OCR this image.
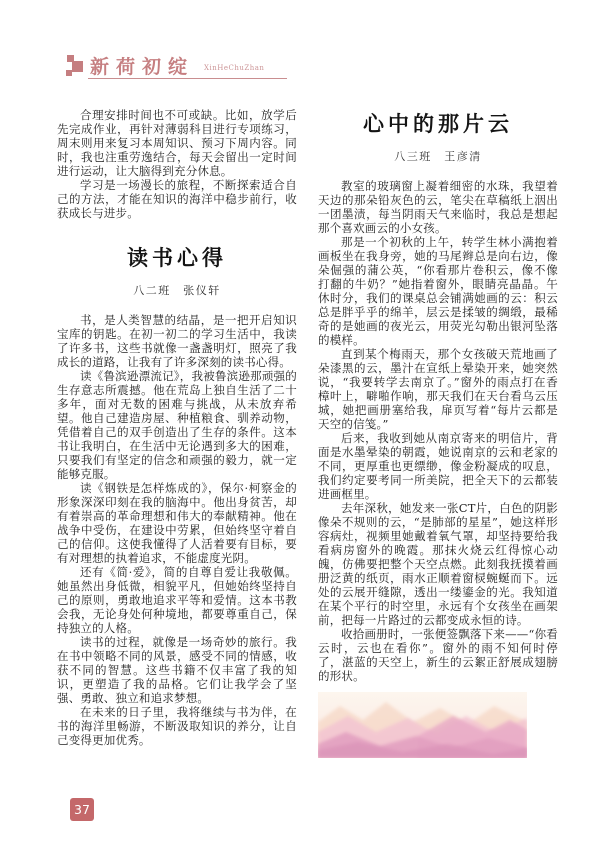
新荷初绽 XinHeChuZhan

合理安排时间也不可或缺。比如，放学后先完成作业，再针对薄弱科目进行专项练习，周末则用来复习本周知识、预习下周内容。同时，我也注重劳逸结合，每天会留出一定时间进行运动，让大脑得到充分休息。

学习是一场漫长的旅程，不断探索适合自己的方法，才能在知识的海洋中稳步前行，收获成长与进步。

读书心得
八二班　张仪轩

书，是人类智慧的结晶，是一把开启知识宝库的钥匙。在初一初二的学习生活中，我读了许多书，这些书就像一盏盏明灯，照亮了我成长的道路，让我有了许多深刻的读书心得。

读《鲁滨逊漂流记》，我被鲁滨逊那顽强的生存意志所震撼。他在荒岛上独自生活了二十多年，面对无数的困难与挑战，从未放弃希望。他自己建造房屋、种植粮食、驯养动物，凭借着自己的双手创造出了生存的条件。这本书让我明白，在生活中无论遇到多大的困难，只要我们有坚定的信念和顽强的毅力，就一定能够克服。

读《钢铁是怎样炼成的》，保尔·柯察金的形象深深印刻在我的脑海中。他出身贫苦，却有着崇高的革命理想和伟大的奉献精神。他在战争中受伤，在建设中劳累，但始终坚守着自己的信仰。这使我懂得了人活着要有目标，要有对理想的执着追求，不能虚度光阴。

还有《简·爱》，简的自尊自爱让我敬佩。她虽然出身低微，相貌平凡，但她始终坚持自己的原则，勇敢地追求平等和爱情。这本书教会我，无论身处何种境地，都要尊重自己，保持独立的人格。

读书的过程，就像是一场奇妙的旅行。我在书中领略不同的风景，感受不同的情感，收获不同的智慧。这些书籍不仅丰富了我的知识，更塑造了我的品格。它们让我学会了坚强、勇敢、独立和追求梦想。

在未来的日子里，我将继续与书为伴，在书的海洋里畅游，不断汲取知识的养分，让自己变得更加优秀。

心中的那片云
八三班　王彦清

教室的玻璃窗上凝着细密的水珠，我望着天边的那朵铅灰色的云，笔尖在草稿纸上洇出一团墨渍，每当阴雨天气来临时，我总是想起那个喜欢画云的小女孩。

那是一个初秋的上午，转学生林小满抱着画板坐在我身旁，她的马尾辫总是向右边，像朵倔强的蒲公英，“你看那片卷积云，像不像打翻的牛奶？”她指着窗外，眼睛亮晶晶。午休时分，我们的课桌总会铺满她画的云：积云总是胖乎乎的绵羊，层云是揉皱的绸缎，最稀奇的是她画的夜光云，用荧光勾勒出银河坠落的模样。

直到某个梅雨天，那个女孩破天荒地画了朵漆黑的云，墨汁在宣纸上晕染开来，她突然说，“我要转学去南京了。”窗外的雨点打在香樟叶上，噼啪作响，那天我们在天台看乌云压城，她把画册塞给我，扉页写着“每片云都是天空的信笺。”

后来，我收到她从南京寄来的明信片，背面是水墨晕染的朝霞，她说南京的云和老家的不同，更厚重也更缥缈，像金粉凝成的叹息，我们约定要考同一所美院，把全天下的云都装进画框里。

去年深秋，她发来一张CT片，白色的阴影像朵不规则的云，“是肺部的星星”，她这样形容病灶，视频里她戴着氧气罩，却坚持要给我看病房窗外的晚霞。那抹火烧云红得惊心动魄，仿佛要把整个天空点燃。此刻我抚摸着画册泛黄的纸页，雨水正顺着窗棂蜿蜒而下。远处的云展开缝隙，透出一缕鎏金的光。我知道在某个平行的时空里，永远有个女孩坐在画架前，把每一片路过的云都变成永恒的诗。

收拾画册时，一张便签飘落下来——“你看云时，云也在看你”。窗外的雨不知何时停了，湛蓝的天空上，新生的云絮正舒展成翅膀的形状。

37
